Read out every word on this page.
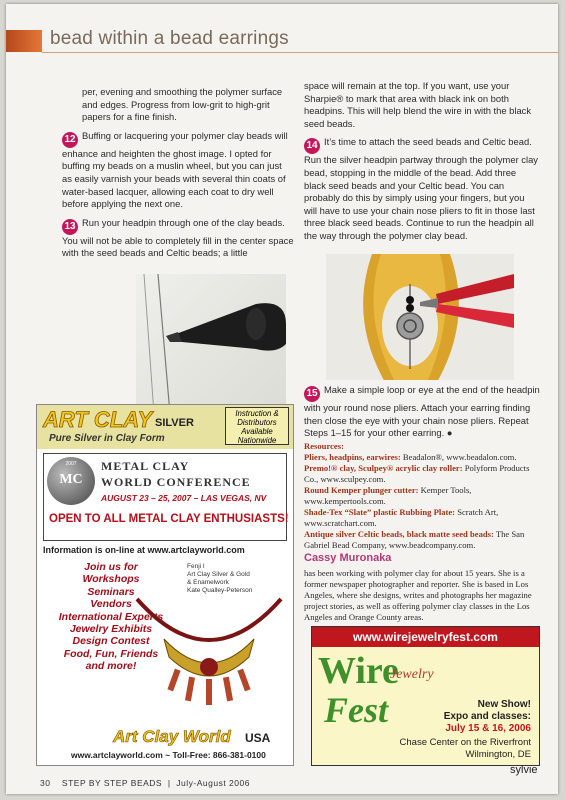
bead within a bead earrings

per, evening and smoothing the polymer surface and edges. Progress from low-grit to high-grit papers for a fine finish.

12 Buffing or lacquering your polymer clay beads will enhance and heighten the ghost image. I opted for buffing my beads on a muslin wheel, but you can just as easily varnish your beads with several thin coats of water-based lacquer, allowing each coat to dry well before applying the next one.

13 Run your headpin through one of the clay beads. You will not be able to completely fill in the center space with the seed beads and Celtic beads; a little

space will remain at the top. If you want, use your Sharpie® to mark that area with black ink on both headpins. This will help blend the wire in with the black seed beads.

14 It’s time to attach the seed beads and Celtic bead. Run the silver headpin partway through the polymer clay bead, stopping in the middle of the bead. Add three black seed beads and your Celtic bead. You can probably do this by simply using your fingers, but you will have to use your chain nose pliers to fit in those last three black seed beads. Continue to run the headpin all the way through the polymer clay bead.

15 Make a simple loop or eye at the end of the headpin with your round nose pliers. Attach your earring finding then close the eye with your chain nose pliers. Repeat Steps 1–15 for your other earring. ●

Resources:
Pliers, headpins, earwires: Beadalon®, www.beadalon.com.
Premo!® clay, Sculpey® acrylic clay roller: Polyform Products Co., www.sculpey.com.
Round Kemper plunger cutter: Kemper Tools, www.kempertools.com.
Shade-Tex “Slate” plastic Rubbing Plate: Scratch Art, www.scratchart.com.
Antique silver Celtic beads, black matte seed beads: The San Gabriel Bead Company, www.beadcompany.com.
Cassy Muronaka
has been working with polymer clay for about 15 years. She is a former newspaper photographer and reporter. She is based in Los Angeles, where she designs, writes and photographs her magazine project stories, as well as offering polymer clay classes in the Los Angeles and Orange County areas.
ART CLAY SILVER
Pure Silver in Clay Form
Instruction & Distributors Available Nationwide
MC
2007	METAL CLAY
WORLD CONFERENCE
AUGUST 23 – 25, 2007 – LAS VEGAS, NV
OPEN TO ALL METAL CLAY ENTHUSIASTS!
Information is on-line at www.artclayworld.com
Join us for
Workshops
Seminars
Vendors
International Experts
Jewelry Exhibits
Design Contest
Food, Fun, Friends
and more!
Fenji I
Art Clay Silver & Gold
& Enamelwork
Kate Qualley-Peterson
Art Clay World USA
www.artclayworld.com ~ Toll-Free: 866-381-0100
www.wirejewelryfest.com
Wire
Jewelry
Fest	New Show!
Expo and classes:
July 15 & 16, 2006
Chase Center on the Riverfront
Wilmington, DE
30 STEP BY STEP BEADS  |  July-August 2006
sylvie
